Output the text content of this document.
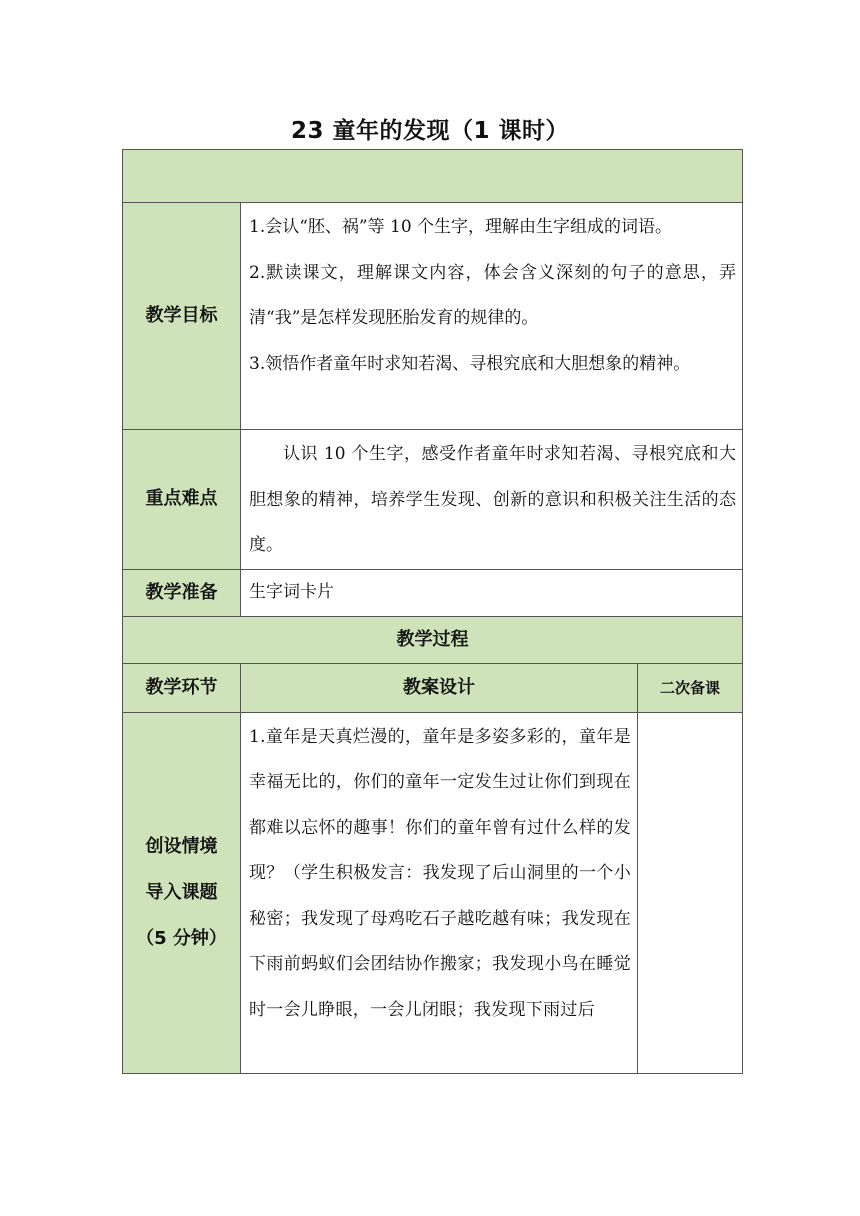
23 童年的发现（1 课时）

教学目标	1.会认“胚、祸”等 10 个生字，理解由生字组成的词语。

2.默读课文，理解课文内容，体会含义深刻的句子的意思，弄清“我”是怎样发现胚胎发育的规律的。

3.领悟作者童年时求知若渴、寻根究底和大胆想象的精神。	

重点难点	认识 10 个生字，感受作者童年时求知若渴、寻根究底和大胆想象的精神，培养学生发现、创新的意识和积极关注生活的态度。	

教学准备	生字词卡片	

教学过程		
教学环节	教案设计	二次备课

创设情境
导入课题
（5 分钟）	1.童年是天真烂漫的，童年是多姿多彩的，童年是幸福无比的，你们的童年一定发生过让你们到现在都难以忘怀的趣事！你们的童年曾有过什么样的发现？（学生积极发言：我发现了后山洞里的一个小秘密；我发现了母鸡吃石子越吃越有味；我发现在下雨前蚂蚁们会团结协作搬家；我发现小鸟在睡觉时一会儿睁眼，一会儿闭眼；我发现下雨过后	
